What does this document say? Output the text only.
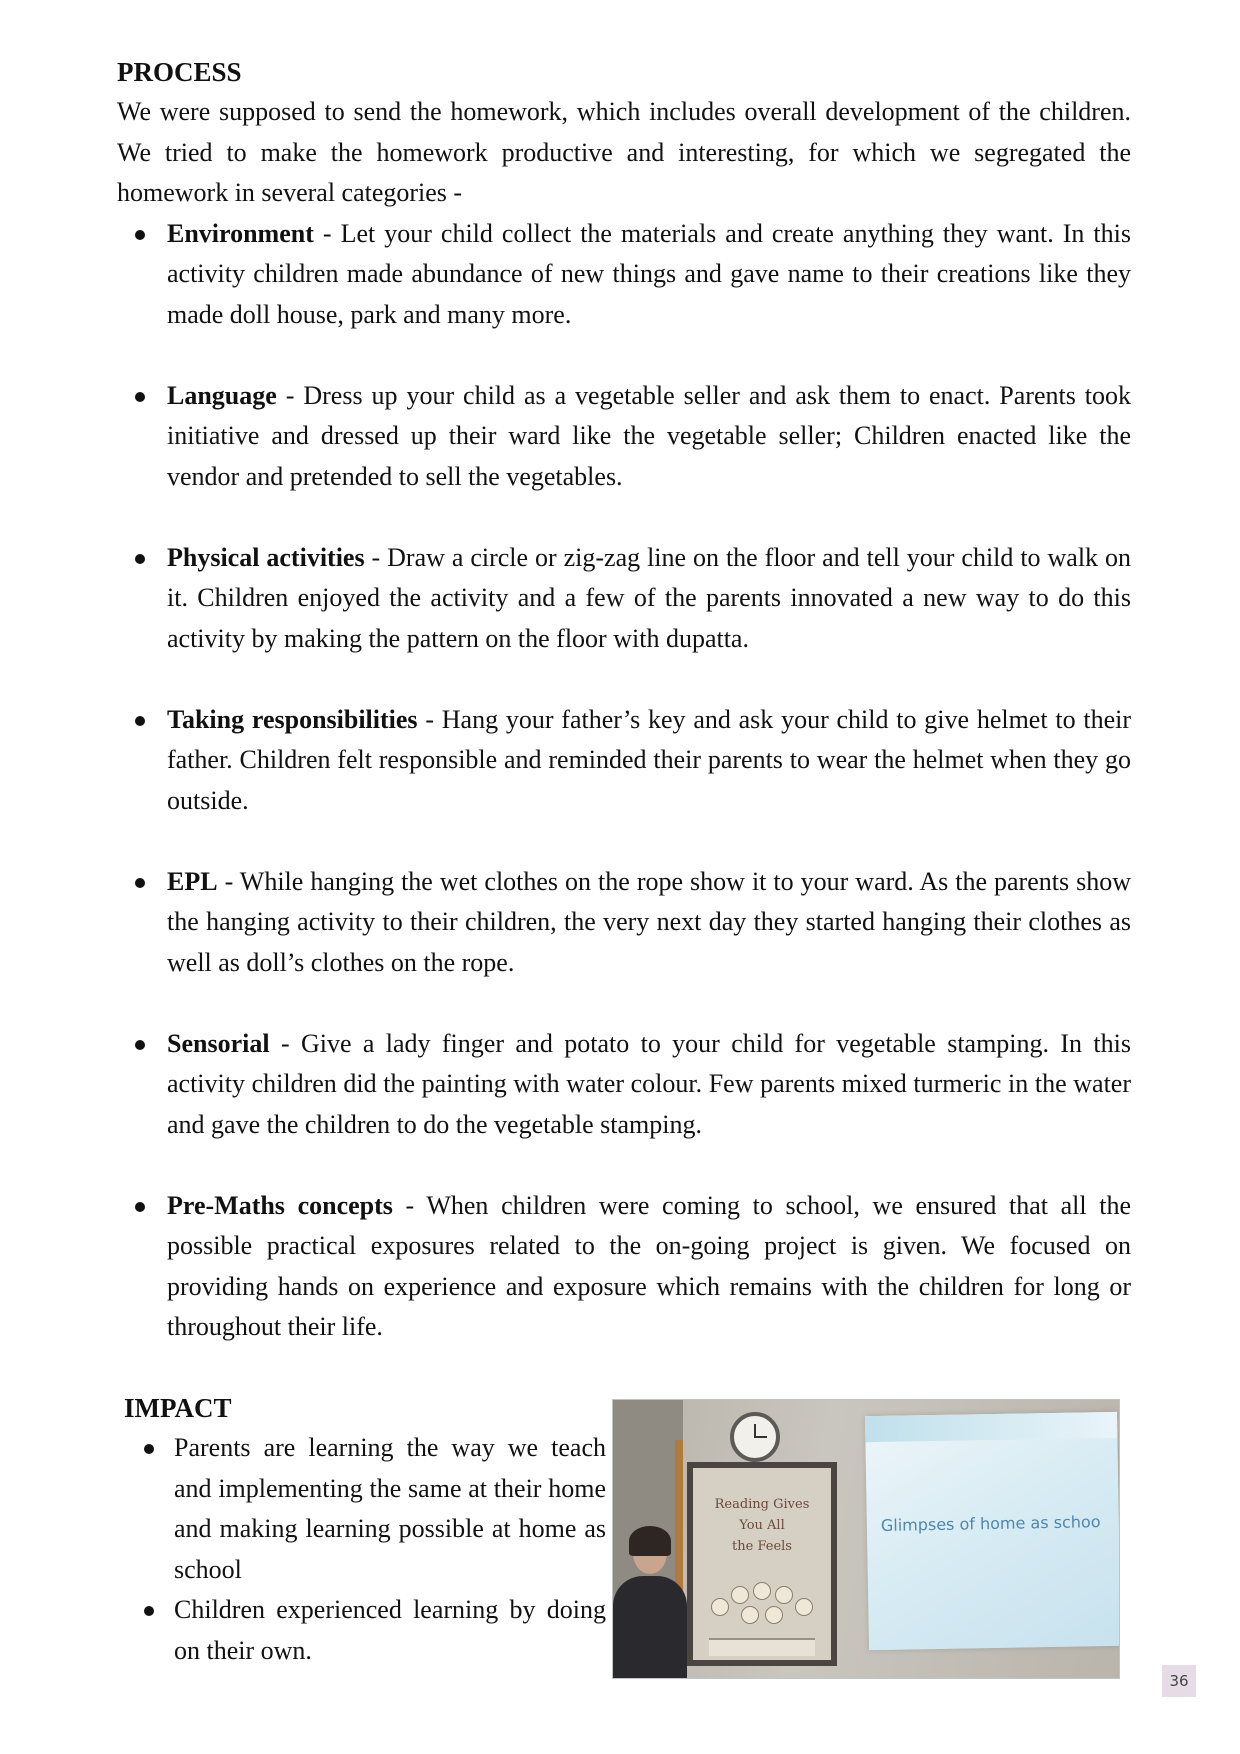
PROCESS

We were supposed to send the homework, which includes overall development of the children. We tried to make the homework productive and interesting, for which we segregated the homework in several categories -

Environment - Let your child collect the materials and create anything they want. In this activity children made abundance of new things and gave name to their creations like they made doll house, park and many more.
Language - Dress up your child as a vegetable seller and ask them to enact. Parents took initiative and dressed up their ward like the vegetable seller; Children enacted like the vendor and pretended to sell the vegetables.
Physical activities - Draw a circle or zig-zag line on the floor and tell your child to walk on it. Children enjoyed the activity and a few of the parents innovated a new way to do this activity by making the pattern on the floor with dupatta.
Taking responsibilities - Hang your father’s key and ask your child to give helmet to their father. Children felt responsible and reminded their parents to wear the helmet when they go outside.
EPL - While hanging the wet clothes on the rope show it to your ward. As the parents show the hanging activity to their children, the very next day they started hanging their clothes as well as doll’s clothes on the rope.
Sensorial - Give a lady finger and potato to your child for vegetable stamping. In this activity children did the painting with water colour. Few parents mixed turmeric in the water and gave the children to do the vegetable stamping.
Pre-Maths concepts - When children were coming to school, we ensured that all the possible practical exposures related to the on-going project is given. We focused on providing hands on experience and exposure which remains with the children for long or throughout their life.

IMPACT

Parents are learning the way we teach and implementing the same at their home and making learning possible at home as school
Children experienced learning by doing on their own.
Reading Gives
You All
the Feels
Glimpses of home as schoo
36
